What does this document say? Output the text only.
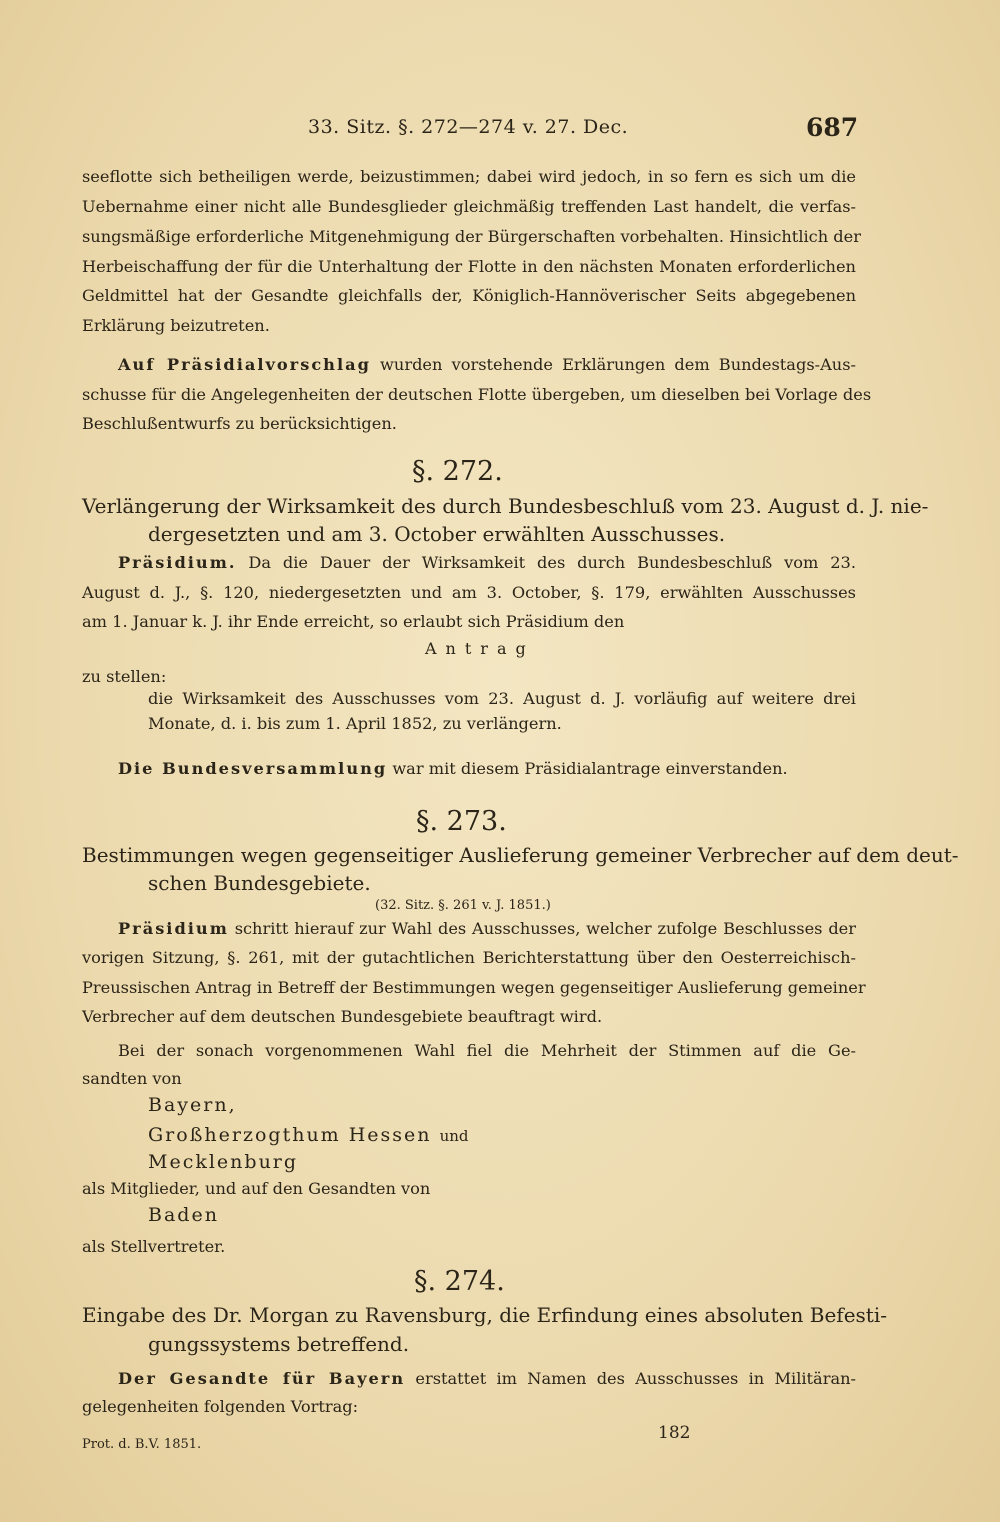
33. Sitz. §. 272—274 v. 27. Dec.	687
seeflotte sich betheiligen werde, beizustimmen; dabei wird jedoch, in so fern es sich um die
Uebernahme einer nicht alle Bundesglieder gleichmäßig treffenden Last handelt, die verfas-
sungsmäßige erforderliche Mitgenehmigung der Bürgerschaften vorbehalten. Hinsichtlich der
Herbeischaffung der für die Unterhaltung der Flotte in den nächsten Monaten erforderlichen
Geldmittel hat der Gesandte gleichfalls der, Königlich-Hannöverischer Seits abgegebenen
Erklärung beizutreten.
Auf Präsidialvorschlag wurden vorstehende Erklärungen dem Bundestags-Aus-
schusse für die Angelegenheiten der deutschen Flotte übergeben, um dieselben bei Vorlage des
Beschlußentwurfs zu berücksichtigen.
§. 272.
Verlängerung der Wirksamkeit des durch Bundesbeschluß vom 23. August d. J. nie-
dergesetzten und am 3. October erwählten Ausschusses.
Präsidium. Da die Dauer der Wirksamkeit des durch Bundesbeschluß vom 23.
August d. J., §. 120, niedergesetzten und am 3. October, §. 179, erwählten Ausschusses
am 1. Januar k. J. ihr Ende erreicht, so erlaubt sich Präsidium den
Antrag
zu stellen:
die Wirksamkeit des Ausschusses vom 23. August d. J. vorläufig auf weitere drei
Monate, d. i. bis zum 1. April 1852, zu verlängern.
Die Bundesversammlung war mit diesem Präsidialantrage einverstanden.
§. 273.
Bestimmungen wegen gegenseitiger Auslieferung gemeiner Verbrecher auf dem deut-
schen Bundesgebiete.
(32. Sitz. §. 261 v. J. 1851.)
Präsidium schritt hierauf zur Wahl des Ausschusses, welcher zufolge Beschlusses der
vorigen Sitzung, §. 261, mit der gutachtlichen Berichterstattung über den Oesterreichisch-
Preussischen Antrag in Betreff der Bestimmungen wegen gegenseitiger Auslieferung gemeiner
Verbrecher auf dem deutschen Bundesgebiete beauftragt wird.
Bei der sonach vorgenommenen Wahl fiel die Mehrheit der Stimmen auf die Ge-
sandten von
Bayern,
Großherzogthum Hessen und
Mecklenburg
als Mitglieder, und auf den Gesandten von
Baden
als Stellvertreter.
§. 274.
Eingabe des Dr. Morgan zu Ravensburg, die Erfindung eines absoluten Befesti-
gungssystems betreffend.
Der Gesandte für Bayern erstattet im Namen des Ausschusses in Militäran-
gelegenheiten folgenden Vortrag:
Prot. d. B.V. 1851.
182
